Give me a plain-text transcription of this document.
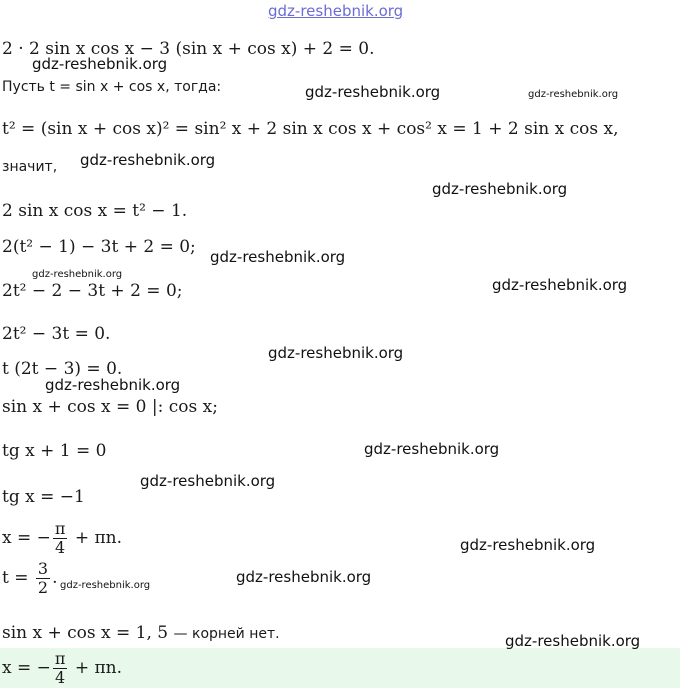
gdz-reshebnik.org
2 · 2 sin x cos x − 3 (sin x + cos x) + 2 = 0.
gdz-reshebnik.org
Пусть t = sin x + cos x, тогда:	gdz-reshebnik.org	gdz-reshebnik.org
t² = (sin x + cos x)² = sin² x + 2 sin x cos x + cos² x = 1 + 2 sin x cos x,
значит, gdz-reshebnik.org
gdz-reshebnik.org
2 sin x cos x = t² − 1.
2(t² − 1) − 3t + 2 = 0; gdz-reshebnik.org
gdz-reshebnik.org
2t² − 2 − 3t + 2 = 0;	gdz-reshebnik.org
2t² − 3t = 0.
gdz-reshebnik.org
t (2t − 3) = 0.
gdz-reshebnik.org
sin x + cos x = 0 |: cos x;
tg x + 1 = 0	gdz-reshebnik.org
gdz-reshebnik.org
tg x = −1
x = − $\frac{\pi}{4} + \pi n$.	gdz-reshebnik.org
$t = \frac{3}{2}$ . gdz-reshebnik.org	gdz-reshebnik.org
sin x + cos x = 1, 5 — корней нет.	gdz-reshebnik.org
x = − $\frac{\pi}{4} + \pi n$.
